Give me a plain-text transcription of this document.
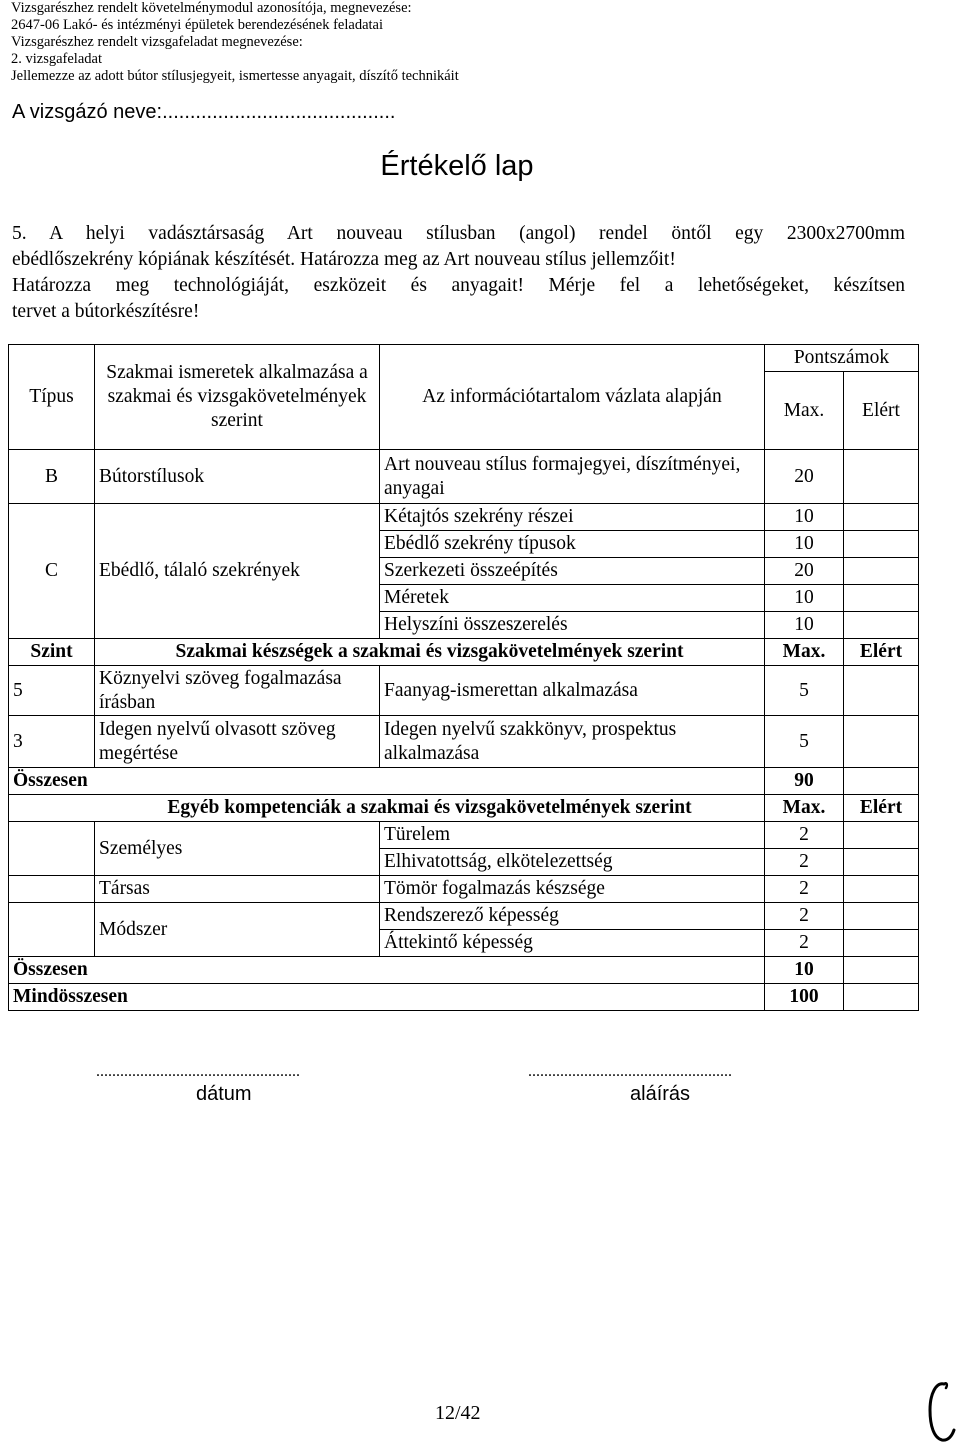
Vizsgarészhez rendelt követelménymodul azonosítója, megnevezése:
2647-06 Lakó- és intézményi épületek berendezésének feladatai
Vizsgarészhez rendelt vizsgafeladat megnevezése:
2. vizsgafeladat
Jellemezze az adott bútor stílusjegyeit, ismertesse anyagait, díszítő technikáit
A vizsgázó neve:..........................................
Értékelő lap
5. A helyi vadásztársaság Art nouveau stílusban (angol) rendel öntől egy 2300x2700mm
ebédlőszekrény kópiának készítését. Határozza meg az Art nouveau stílus jellemzőit!
Határozza meg technológiáját, eszközeit és anyagait! Mérje fel a lehetőségeket, készítsen
tervet a bútorkészítésre!
Típus	Szakmai ismeretek alkalmazása a szakmai és vizsgakövetelmények szerint	Az információtartalom vázlata alapján	Pontszámok	
			Max.	Elért
B	Bútorstílusok	Art nouveau stílus formajegyei, díszítményei, anyagai	20	
C	Ebédlő, tálaló szekrények	Kétajtós szekrény részei	10	
		Ebédlő szekrény típusok	10	
		Szerkezeti összeépítés	20	
		Méretek	10	
		Helyszíni összeszerelés	10	
Szint	Szakmai készségek a szakmai és vizsgakövetelmények szerint		Max.	Elért
5	Köznyelvi szöveg fogalmazása írásban	Faanyag-ismerettan alkalmazása	5	
3	Idegen nyelvű olvasott szöveg megértése	Idegen nyelvű szakkönyv, prospektus alkalmazása	5	
Összesen			90	
Egyéb kompetenciák a szakmai és vizsgakövetelmények szerint			Max.	Elért
	Személyes	Türelem	2	
		Elhivatottság, elkötelezettség	2	
	Társas	Tömör fogalmazás készsége	2	
	Módszer	Rendszerező képesség	2	
		Áttekintő képesség	2	
Összesen			10	
Mindösszesen			100	
...................................................
dátum
...................................................
aláírás
12/42
